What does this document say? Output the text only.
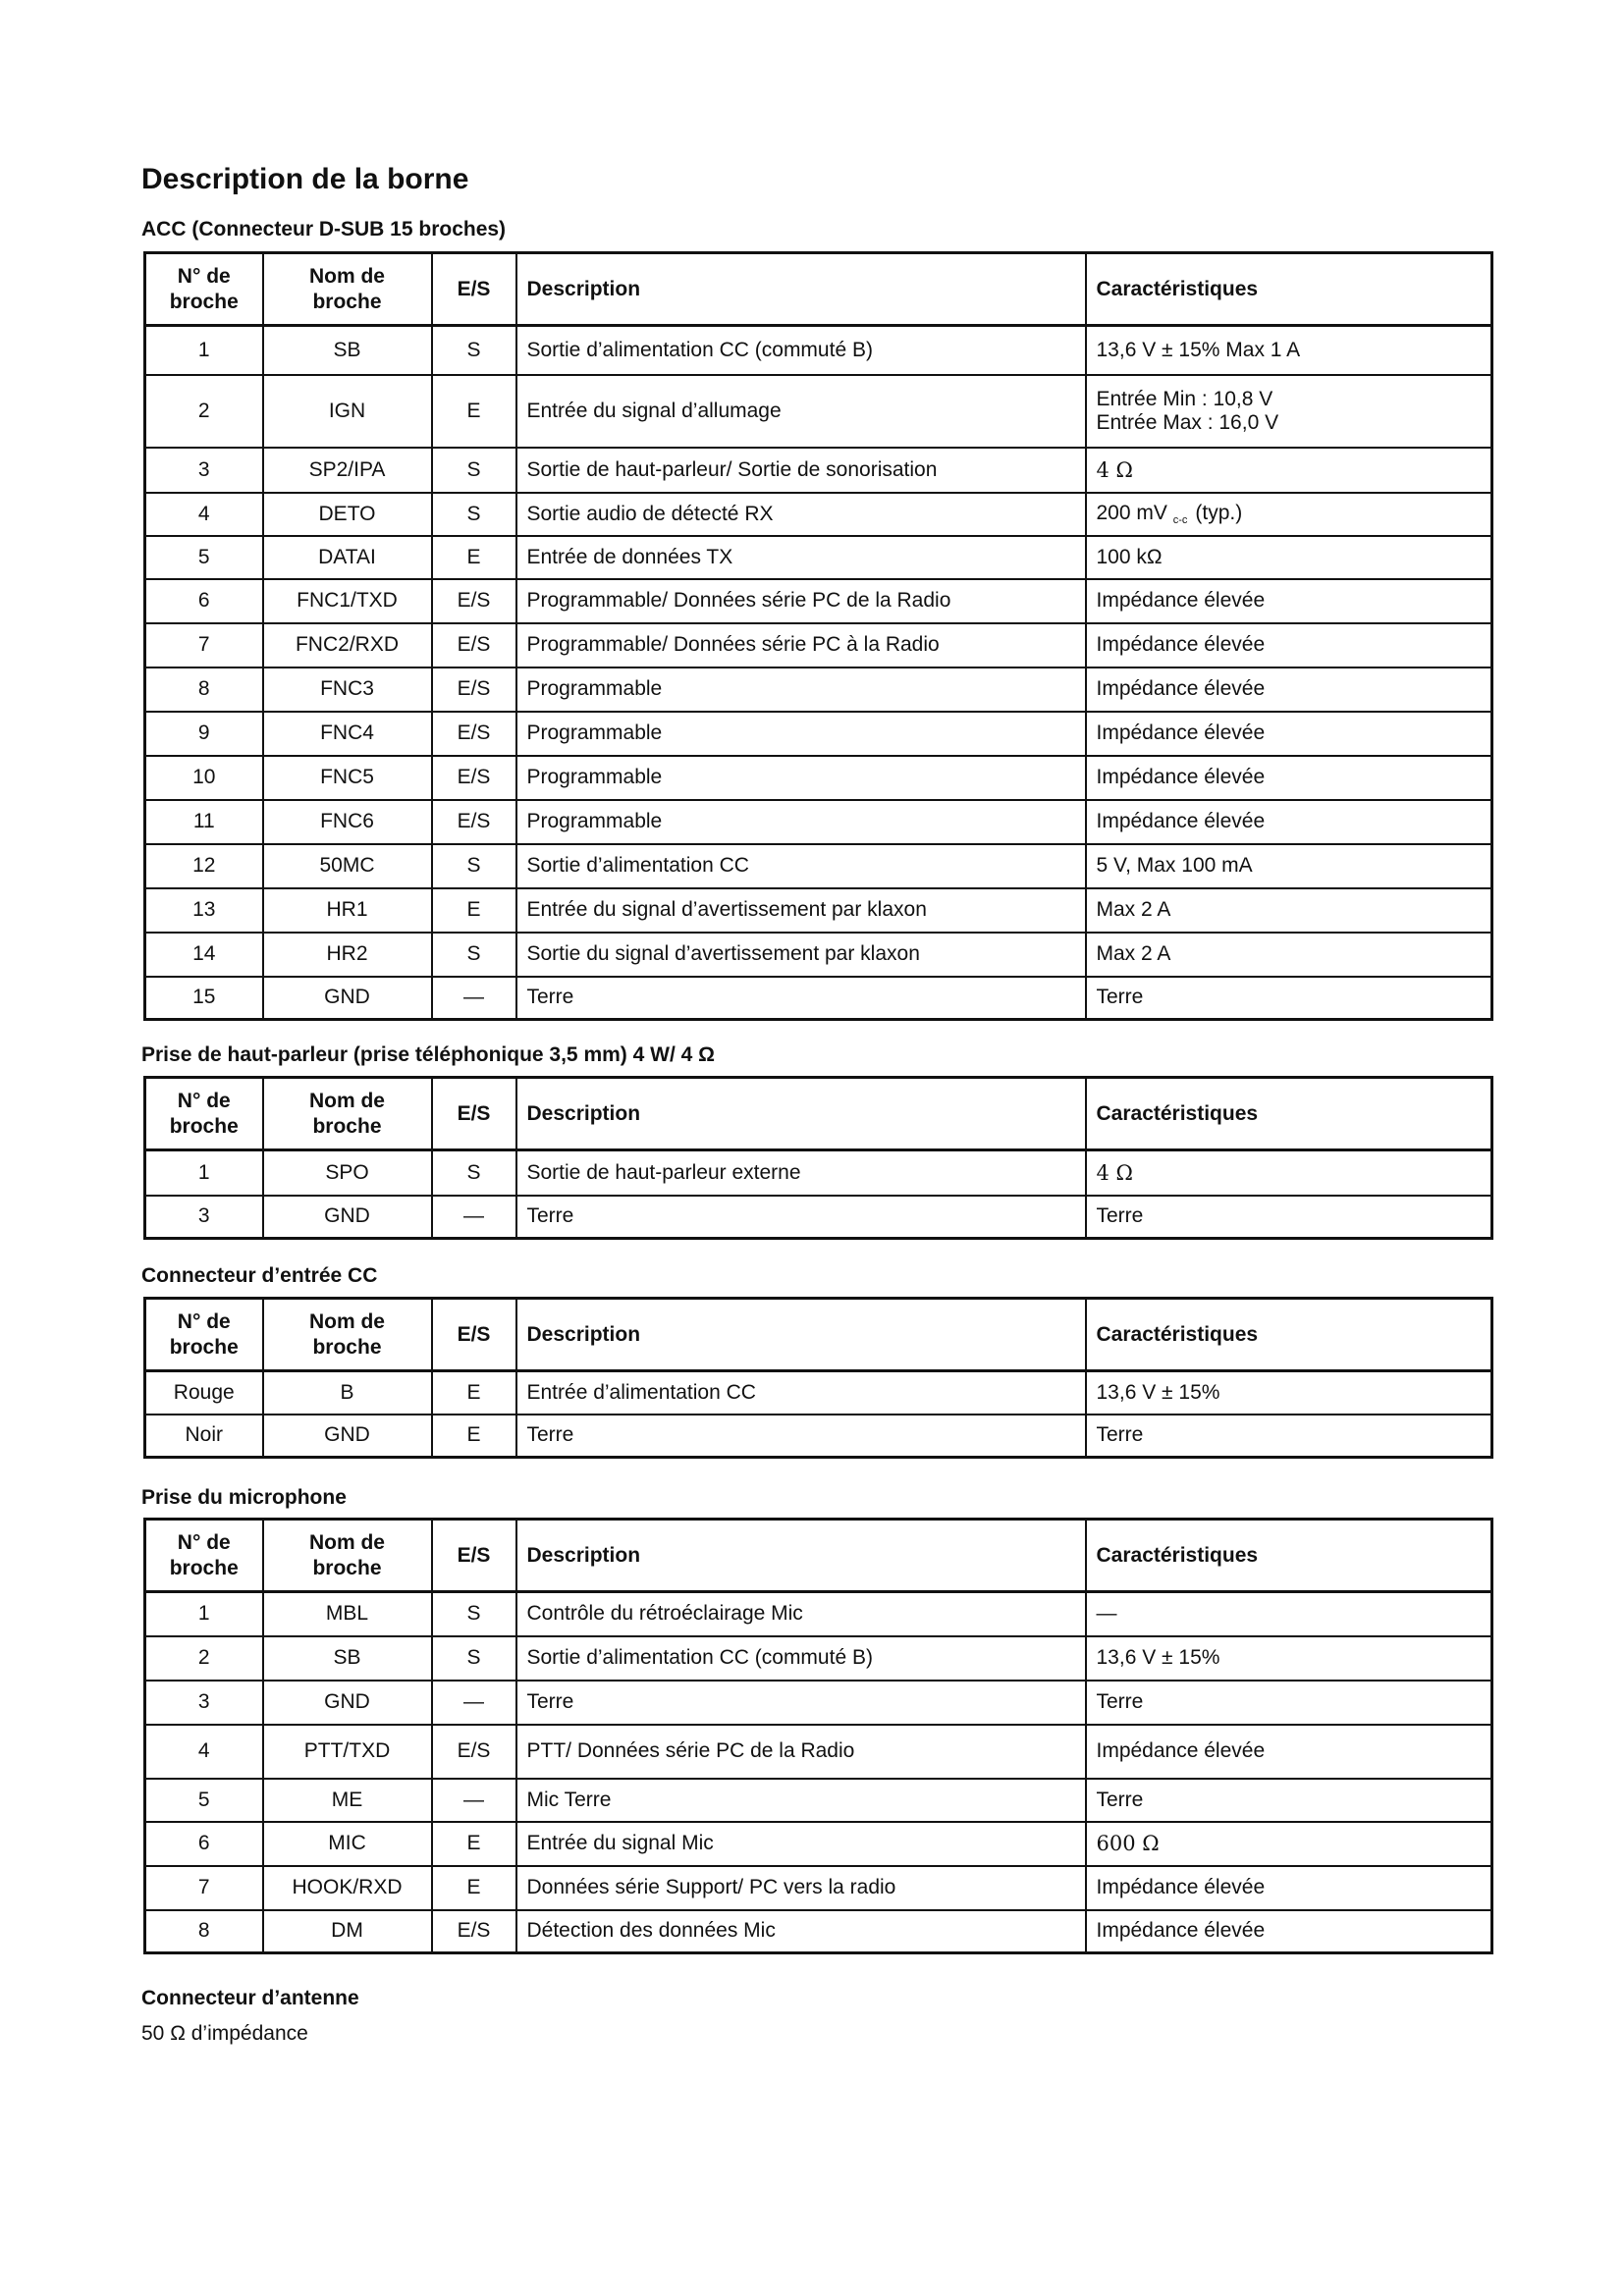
Description de la borne
ACC (Connecteur D-SUB 15 broches)
N° de broche	Nom de broche	E/S	Description	Caractéristiques
1	SB	S	Sortie d’alimentation CC (commuté B)	13,6 V ± 15% Max 1 A
2	IGN	E	Entrée du signal d’allumage	Entrée Min : 10,8 V
Entrée Max : 16,0 V

3	SP2/IPA	S	Sortie de haut-parleur/ Sortie de sonorisation	4 Ω
4	DETO	S	Sortie audio de détecté RX	200 mV c-c (typ.)
5	DATAI	E	Entrée de données TX	100 kΩ
6	FNC1/TXD	E/S	Programmable/ Données série PC de la Radio	Impédance élevée
7	FNC2/RXD	E/S	Programmable/ Données série PC à la Radio	Impédance élevée
8	FNC3	E/S	Programmable	Impédance élevée
9	FNC4	E/S	Programmable	Impédance élevée
10	FNC5	E/S	Programmable	Impédance élevée
11	FNC6	E/S	Programmable	Impédance élevée
12	50MC	S	Sortie d’alimentation CC	5 V, Max 100 mA
13	HR1	E	Entrée du signal d’avertissement par klaxon	Max 2 A
14	HR2	S	Sortie du signal d’avertissement par klaxon	Max 2 A
15	GND	—	Terre	Terre
Prise de haut-parleur (prise téléphonique 3,5 mm) 4 W/ 4 Ω
N° de broche	Nom de broche	E/S	Description	Caractéristiques
1	SPO	S	Sortie de haut-parleur externe	4 Ω
3	GND	—	Terre	Terre
Connecteur d’entrée CC
N° de broche	Nom de broche	E/S	Description	Caractéristiques
Rouge	B	E	Entrée d’alimentation CC	13,6 V ± 15%
Noir	GND	E	Terre	Terre
Prise du microphone
N° de broche	Nom de broche	E/S	Description	Caractéristiques
1	MBL	S	Contrôle du rétroéclairage Mic	—
2	SB	S	Sortie d’alimentation CC (commuté B)	13,6 V ± 15%
3	GND	—	Terre	Terre
4	PTT/TXD	E/S	PTT/ Données série PC de la Radio	Impédance élevée
5	ME	—	Mic Terre	Terre
6	MIC	E	Entrée du signal Mic	600 Ω
7	HOOK/RXD	E	Données série Support/ PC vers la radio	Impédance élevée
8	DM	E/S	Détection des données Mic	Impédance élevée
Connecteur d’antenne

50 Ω d’impédance
